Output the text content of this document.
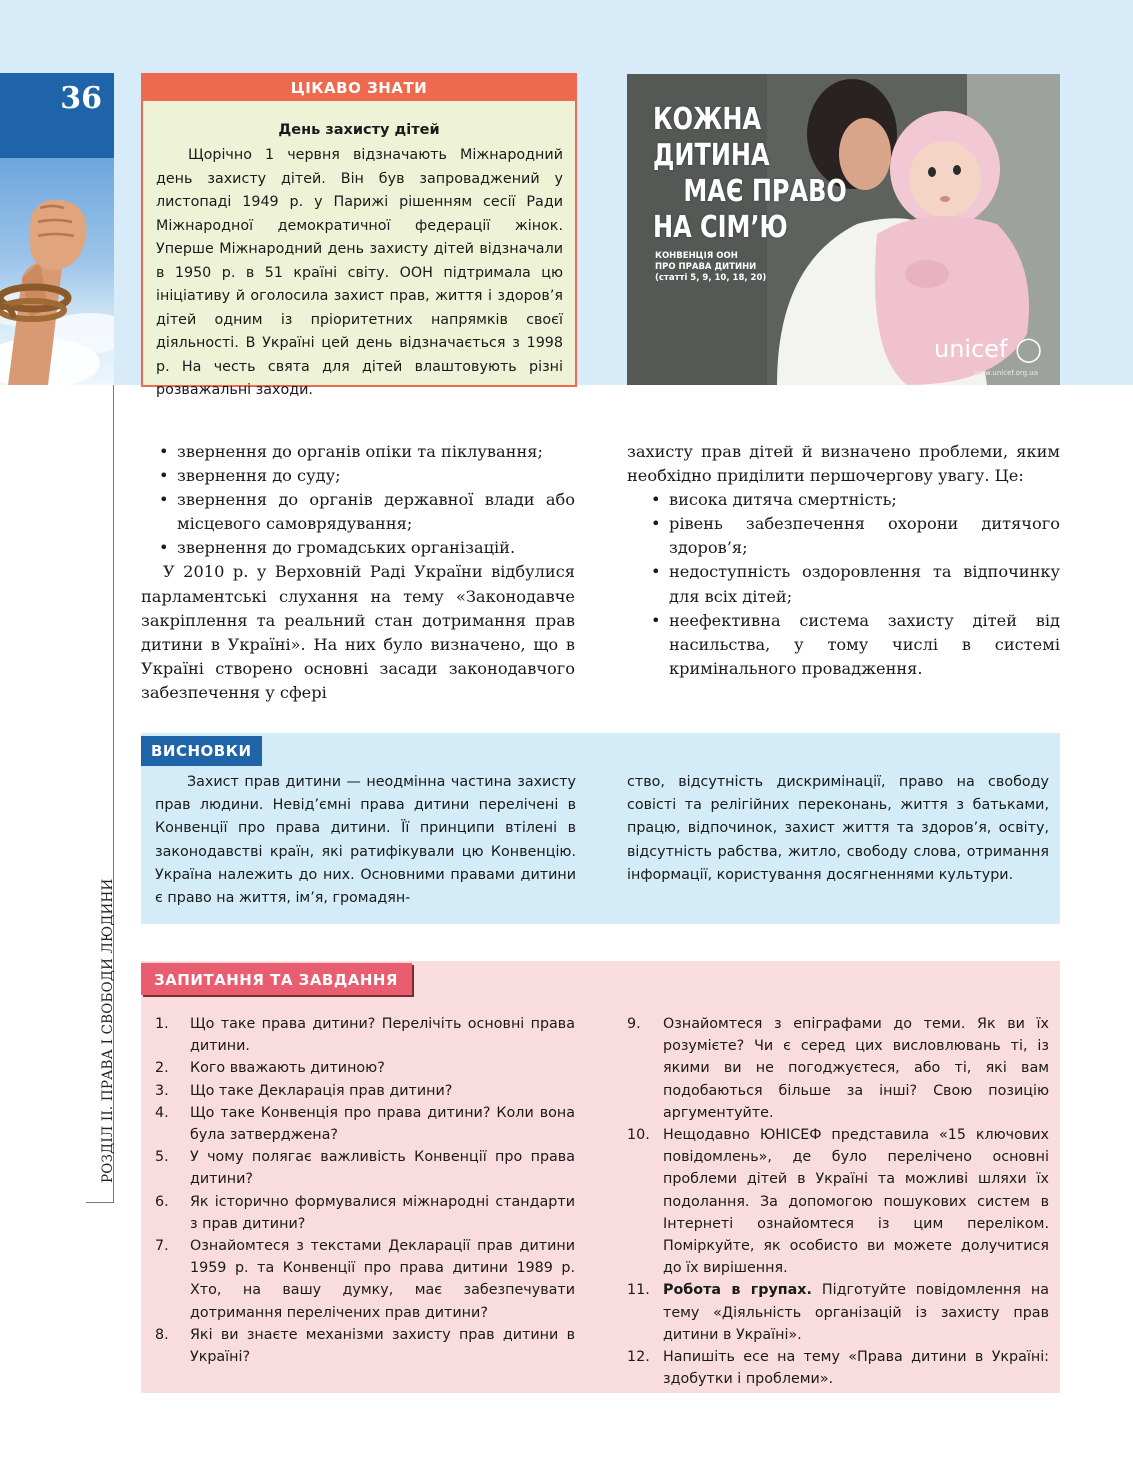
36
РОЗДІЛ ІІ. ПРАВА І СВОБОДИ ЛЮДИНИ
ЦІКАВО ЗНАТИ
День захисту дітей
Щорічно 1 червня відзначають Міжнародний день захисту дітей. Він був запроваджений у листопаді 1949 р. у Парижі рішенням сесії Ради Міжнародної демократичної федерації жінок. Уперше Міжнародний день захисту дітей відзначали в 1950 р. в 51 країні світу. ООН підтримала цю ініціативу й оголосила захист прав, життя і здоров’я дітей одним із пріоритетних напрямків своєї діяльності. В Україні цей день відзначається з 1998 р. На честь свята для дітей влаштовують різні розважальні заходи.
КОЖНА
ДИТИНА
МАЄ ПРАВО
НА СІМ’Ю
КОНВЕНЦІЯ ООН
ПРО ПРАВА ДИТИНИ
(статті 5, 9, 10, 18, 20)
unicef ◯
www.unicef.org.ua
• звернення до органів опіки та піклування;
• звернення до суду;
• звернення до органів державної влади або місцевого самоврядування;
• звернення до громадських організацій.
У 2010 р. у Верховній Раді України відбулися парламентські слухання на тему «Законодавче закріплення та реальний стан дотримання прав дитини в Україні». На них було визначено, що в Україні створено основні засади законодавчого забезпечення у сфері
захисту прав дітей й визначено проблеми, яким необхідно приділити першочергову увагу. Це:
• висока дитяча смертність;
• рівень забезпечення охорони дитячого здоров’я;
• недоступність оздоровлення та відпочинку для всіх дітей;
• неефективна система захисту дітей від насильства, у тому числі в системі кримінального провадження.
ВИСНОВКИ
Захист прав дитини — неодмінна частина захисту прав людини. Невід’ємні права дитини перелічені в Конвенції про права дитини. Її принципи втілені в законодавстві країн, які ратифікували цю Конвенцію. Україна належить до них. Основними правами дитини є право на життя, ім’я, громадян-
ство, відсутність дискримінації, право на свободу совісті та релігійних переконань, життя з батьками, працю, відпочинок, захист життя та здоров’я, освіту, відсутність рабства, житло, свободу слова, отримання інформації, користування досягненнями культури.
ЗАПИТАННЯ ТА ЗАВДАННЯ
1. Що таке права дитини? Перелічіть основні права дитини.
2. Кого вважають дитиною?
3. Що таке Декларація прав дитини?
4. Що таке Конвенція про права дитини? Коли вона була затверджена?
5. У чому полягає важливість Конвенції про права дитини?
6. Як історично формувалися міжнародні стандарти з прав дитини?
7. Ознайомтеся з текстами Декларації прав дитини 1959 р. та Конвенції про права дитини 1989 р. Хто, на вашу думку, має забезпечувати дотримання перелічених прав дитини?
8. Які ви знаєте механізми захисту прав дитини в Україні?
9. Ознайомтеся з епіграфами до теми. Як ви їх розумієте? Чи є серед цих висловлювань ті, із якими ви не погоджуєтеся, або ті, які вам подобаються більше за інші? Свою позицію аргументуйте.
10. Нещодавно ЮНІСЕФ представила «15 ключових повідомлень», де було перелічено основні проблеми дітей в Україні та можливі шляхи їх подолання. За допомогою пошукових систем в Інтернеті ознайомтеся із цим переліком. Поміркуйте, як особисто ви можете долучитися до їх вирішення.
11. Робота в групах. Підготуйте повідомлення на тему «Діяльність організацій із захисту прав дитини в Україні».
12. Напишіть есе на тему «Права дитини в Україні: здобутки і проблеми».
